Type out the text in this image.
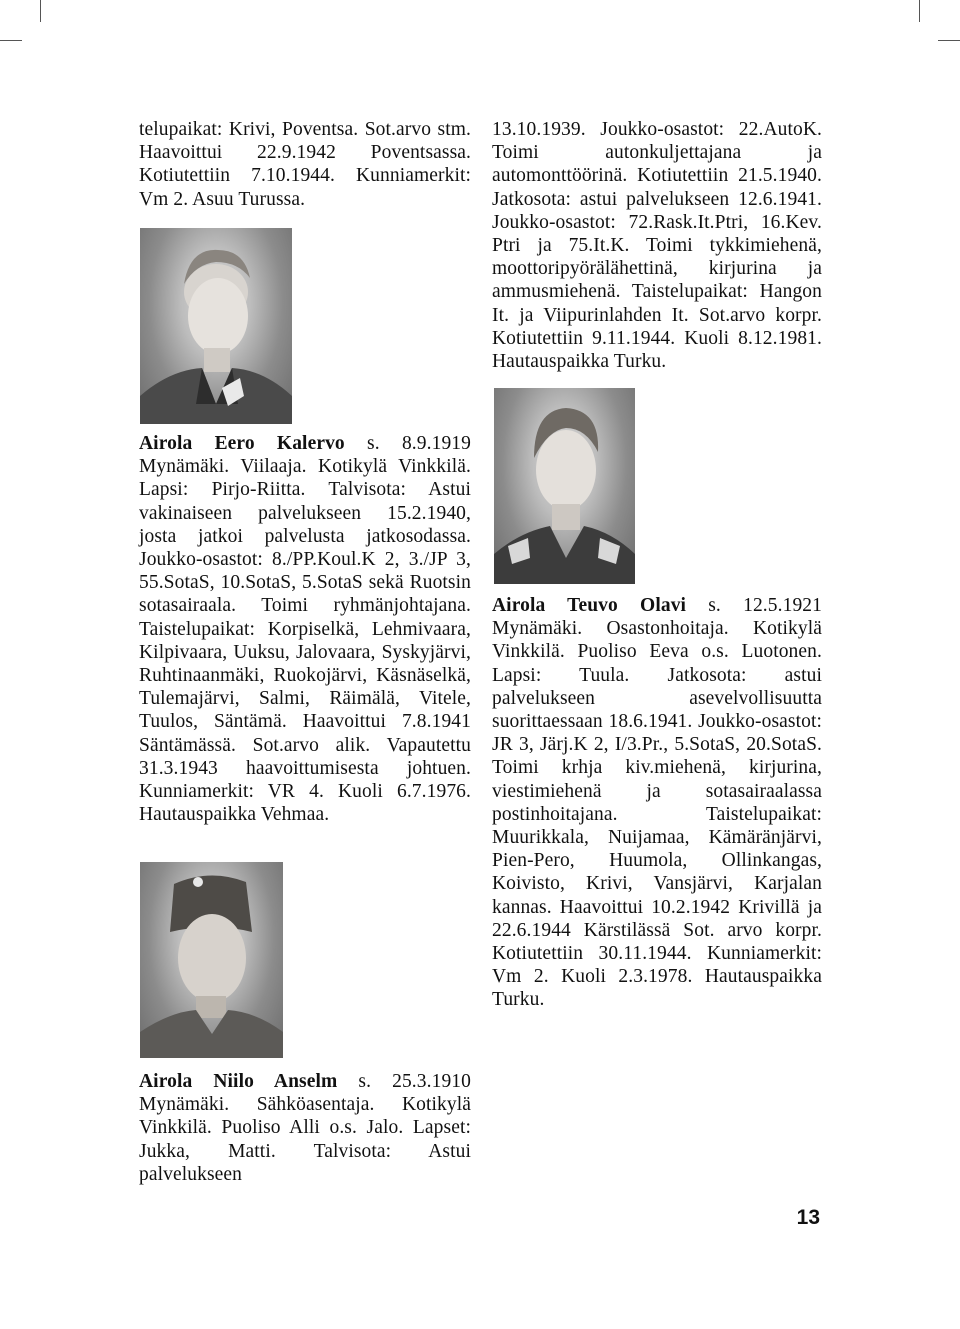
telupaikat: Krivi, Poventsa. Sot.arvo stm. Haavoittui 22.9.1942 Poventsassa. Kotiutettiin 7.10.1944. Kunniamerkit: Vm 2. Asuu Turussa.

13.10.1939. Joukko-osastot: 22.AutoK. Toimi autonkuljettajana ja automonttöörinä. Kotiutettiin 21.5.1940. Jatkosota: astui palvelukseen 12.6.1941. Joukko-osastot: 72.Rask.It.Ptri, 16.Kev. Ptri ja 75.It.K. Toimi tykkimiehenä, moottoripyörälähettinä, kirjurina ja ammusmiehenä. Taistelupaikat: Hangon It. ja Viipurinlahden It. Sot.arvo korpr. Kotiutettiin 9.11.1944. Kuoli 8.12.1981. Hautauspaikka Turku.

Airola Eero Kalervo s. 8.9.1919 Mynämäki. Viilaaja. Kotikylä Vinkkilä. Lapsi: Pirjo-Riitta. Talvisota: Astui vakinaiseen palvelukseen 15.2.1940, josta jatkoi palvelusta jatkosodassa. Joukko-osastot: 8./PP.Koul.K 2, 3./JP 3, 55.SotaS, 10.SotaS, 5.SotaS sekä Ruotsin sotasairaala. Toimi ryhmänjohtajana. Taistelupaikat: Korpiselkä, Lehmivaara, Kilpivaara, Uuksu, Jalovaara, Syskyjärvi, Ruhtinaanmäki, Ruokojärvi, Käsnäselkä, Tulemajärvi, Salmi, Räimälä, Vitele, Tuulos, Säntämä. Haavoittui 7.8.1941 Säntämässä. Sot.arvo alik. Vapautettu 31.3.1943 haavoittumisesta johtuen. Kunniamerkit: VR 4. Kuoli 6.7.1976. Hautauspaikka Vehmaa.

Airola Teuvo Olavi s. 12.5.1921 Mynämäki. Osastonhoitaja. Kotikylä Vinkkilä. Puoliso Eeva o.s. Luotonen. Lapsi: Tuula. Jatkosota: astui palvelukseen asevelvollisuutta suorittaessaan 18.6.1941. Joukko-osastot: JR 3, Järj.K 2, I/3.Pr., 5.SotaS, 20.SotaS. Toimi krhja kiv.miehenä, kirjurina, viestimiehenä ja sotasairaalassa postinhoitajana. Taistelupaikat: Muurikkala, Nuijamaa, Kämäränjärvi, Pien-Pero, Huumola, Ollinkangas, Koivisto, Krivi, Vansjärvi, Karjalan kannas. Haavoittui 10.2.1942 Krivillä ja 22.6.1944 Kärstilässä Sot. arvo korpr. Kotiutettiin 30.11.1944. Kunniamerkit: Vm 2. Kuoli 2.3.1978. Hautauspaikka Turku.

Airola Niilo Anselm s. 25.3.1910 Mynämäki. Sähköasentaja. Kotikylä Vinkkilä. Puoliso Alli o.s. Jalo. Lapset: Jukka, Matti. Talvisota: Astui palvelukseen

13
